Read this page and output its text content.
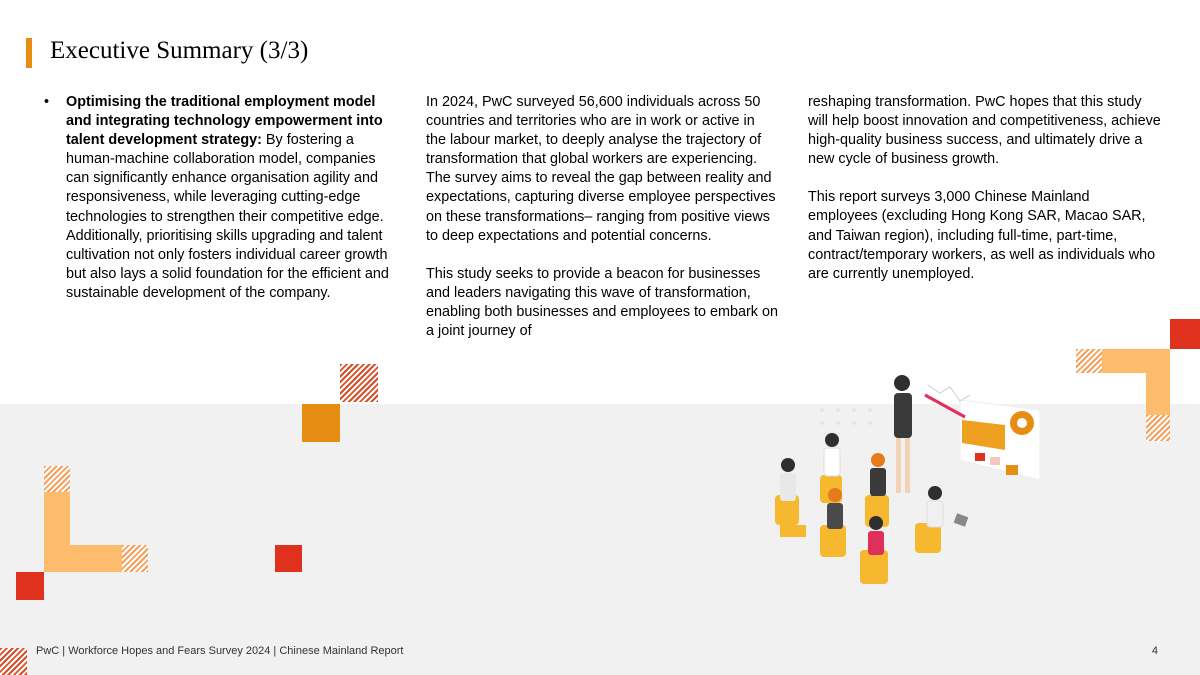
Executive Summary (3/3)
•	Optimising the traditional employment model and integrating technology empowerment into talent development strategy: By fostering a human-machine collaboration model, companies can significantly enhance organisation agility and responsiveness, while leveraging cutting-edge technologies to strengthen their competitive edge. Additionally, prioritising skills upgrading and talent cultivation not only fosters individual career growth but also lays a solid foundation for the efficient and sustainable development of the company.

In 2024, PwC surveyed 56,600 individuals across 50 countries and territories who are in work or active in the labour market, to deeply analyse the trajectory of transformation that global workers are experiencing. The survey aims to reveal the gap between reality and expectations, capturing diverse employee perspectives on these transformations– ranging from positive views to deep expectations and potential concerns.

This study seeks to provide a beacon for businesses and leaders navigating this wave of transformation, enabling both businesses and employees to embark on a joint journey of

reshaping transformation. PwC hopes that this study will help boost innovation and competitiveness, achieve high-quality business success, and ultimately drive a new cycle of business growth.

This report surveys 3,000 Chinese Mainland employees (excluding Hong Kong SAR, Macao SAR, and Taiwan region), including full-time, part-time, contract/temporary workers, as well as individuals who are currently unemployed.

PwC | Workforce Hopes and Fears Survey 2024 | Chinese Mainland Report	4
